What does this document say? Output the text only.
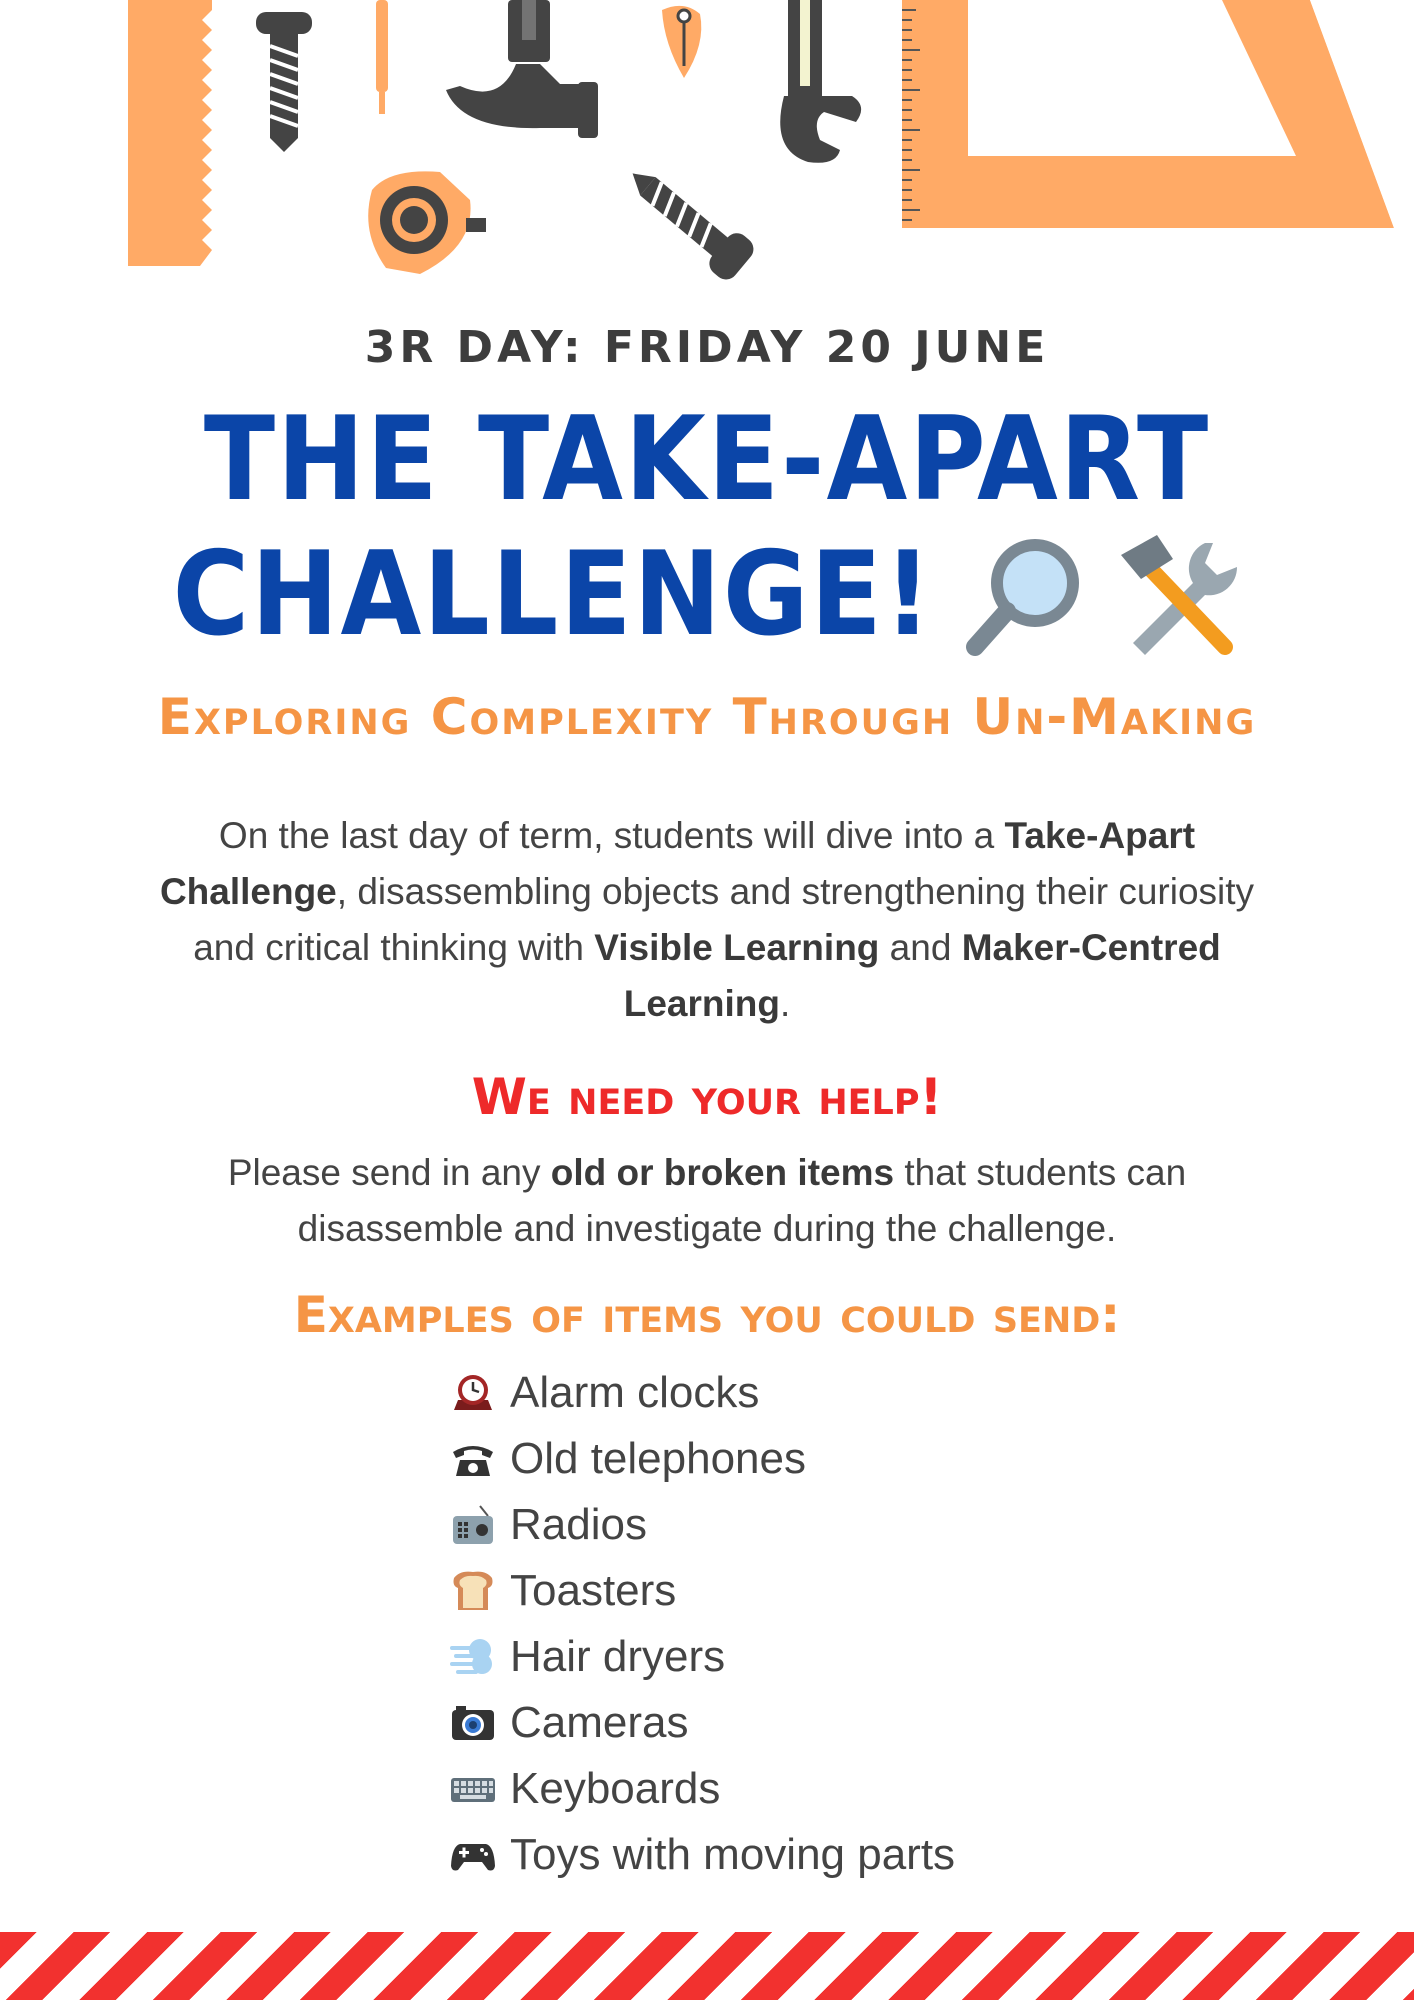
3R DAY: FRIDAY 20 JUNE
THE TAKE-APART
CHALLENGE!
Exploring Complexity Through Un-Making
On the last day of term, students will dive into a Take-Apart Challenge, disassembling objects and strengthening their curiosity and critical thinking with Visible Learning and Maker-Centred Learning.
We need your help!
Please send in any old or broken items that students can disassemble and investigate during the challenge.
Examples of items you could send:
Alarm clocks
Old telephones
Radios
Toasters
Hair dryers
Cameras
Keyboards
Toys with moving parts
